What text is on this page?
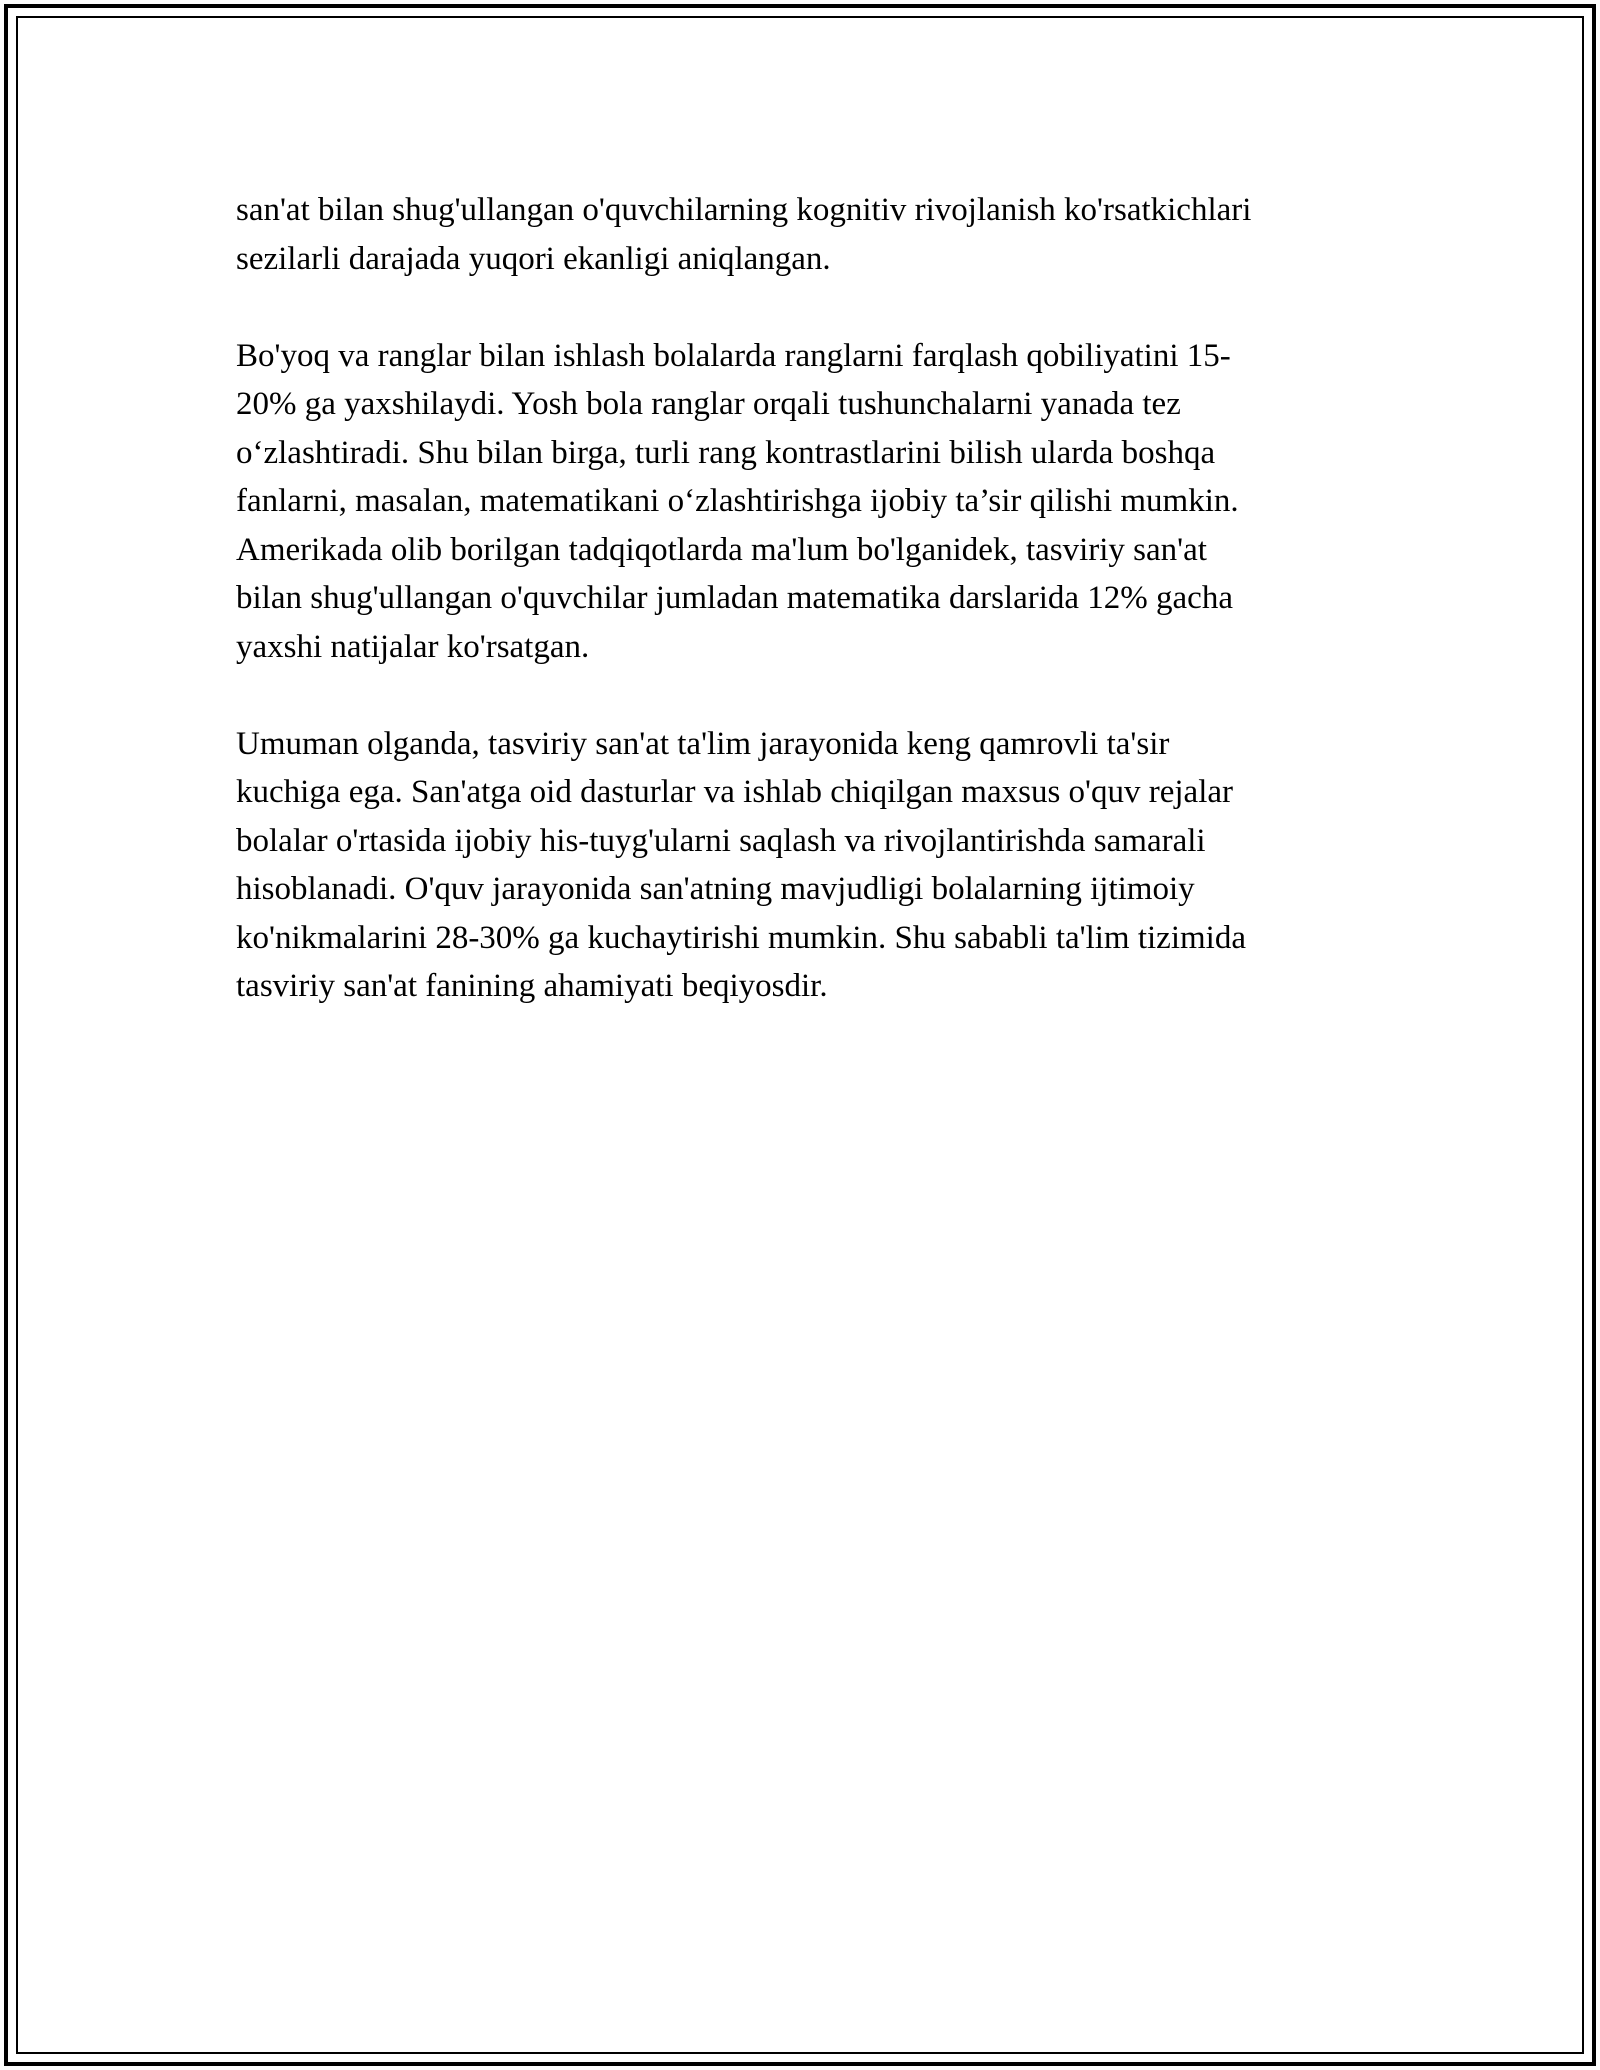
san'at bilan shug'ullangan o'quvchilarning kognitiv rivojlanish ko'rsatkichlari
sezilarli darajada yuqori ekanligi aniqlangan.

Bo'yoq va ranglar bilan ishlash bolalarda ranglarni farqlash qobiliyatini 15-
20% ga yaxshilaydi. Yosh bola ranglar orqali tushunchalarni yanada tez
o‘zlashtiradi. Shu bilan birga, turli rang kontrastlarini bilish ularda boshqa
fanlarni, masalan, matematikani o‘zlashtirishga ijobiy ta’sir qilishi mumkin.
Amerikada olib borilgan tadqiqotlarda ma'lum bo'lganidek, tasviriy san'at
bilan shug'ullangan o'quvchilar jumladan matematika darslarida 12% gacha
yaxshi natijalar ko'rsatgan.

Umuman olganda, tasviriy san'at ta'lim jarayonida keng qamrovli ta'sir
kuchiga ega. San'atga oid dasturlar va ishlab chiqilgan maxsus o'quv rejalar
bolalar o'rtasida ijobiy his-tuyg'ularni saqlash va rivojlantirishda samarali
hisoblanadi. O'quv jarayonida san'atning mavjudligi bolalarning ijtimoiy
ko'nikmalarini 28-30% ga kuchaytirishi mumkin. Shu sababli ta'lim tizimida
tasviriy san'at fanining ahamiyati beqiyosdir.
